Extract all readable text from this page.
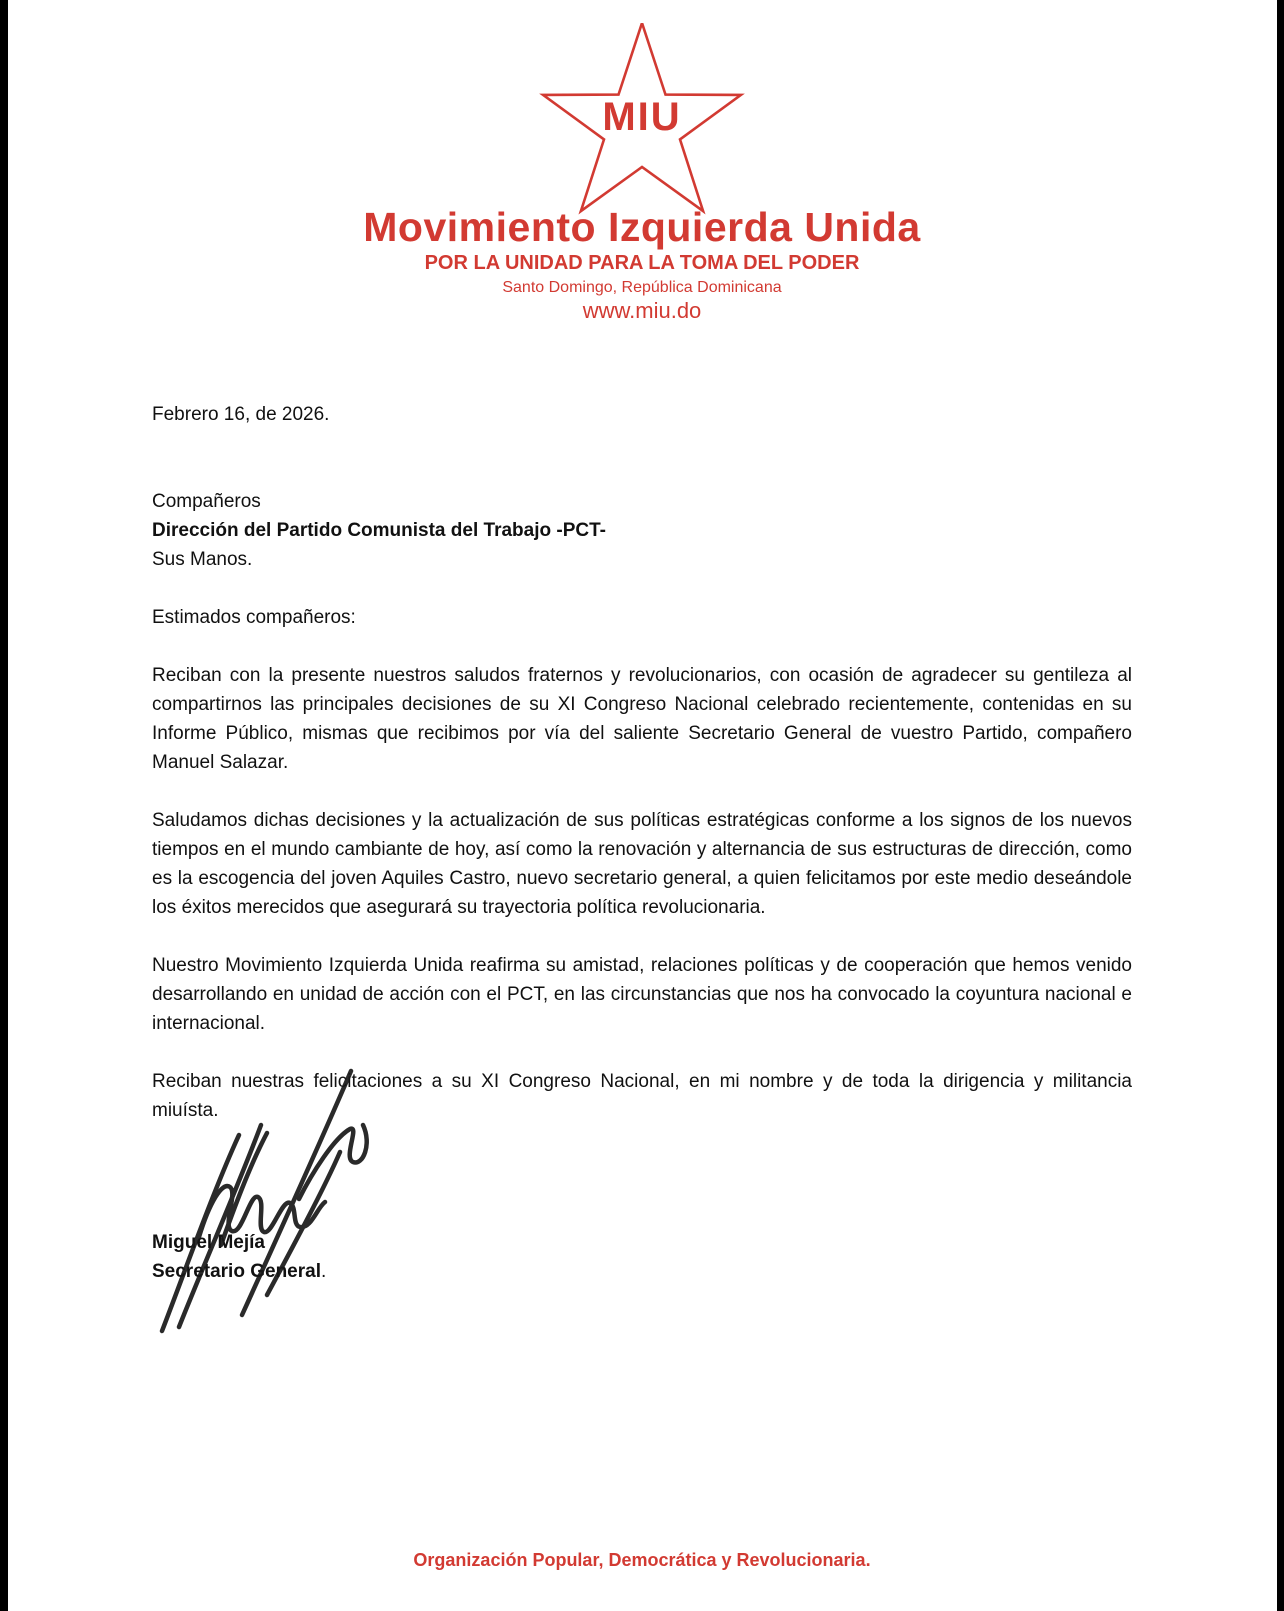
MIU
Movimiento Izquierda Unida
POR LA UNIDAD PARA LA TOMA DEL PODER
Santo Domingo, República Dominicana
www.miu.do

Febrero 16, de 2026.

Compañeros

Dirección del Partido Comunista del Trabajo -PCT-

Sus Manos.

Estimados compañeros:

Reciban con la presente nuestros saludos fraternos y revolucionarios, con ocasión de agradecer su gentileza al compartirnos las principales decisiones de su XI Congreso Nacional celebrado recientemente, contenidas en su Informe Público, mismas que recibimos por vía del saliente Secretario General de vuestro Partido, compañero Manuel Salazar.

Saludamos dichas decisiones y la actualización de sus políticas estratégicas conforme a los signos de los nuevos tiempos en el mundo cambiante de hoy, así como la renovación y alternancia de sus estructuras de dirección, como es la escogencia del joven Aquiles Castro, nuevo secretario general, a quien felicitamos por este medio deseándole los éxitos merecidos que asegurará su trayectoria política revolucionaria.

Nuestro Movimiento Izquierda Unida reafirma su amistad, relaciones políticas y de cooperación que hemos venido desarrollando en unidad de acción con el PCT, en las circunstancias que nos ha convocado la coyuntura nacional e internacional.

Reciban nuestras felicitaciones a su XI Congreso Nacional, en mi nombre y de toda la dirigencia y militancia miuísta.

Miguel Mejía

Secretario General.

Organización Popular, Democrática y Revolucionaria.
